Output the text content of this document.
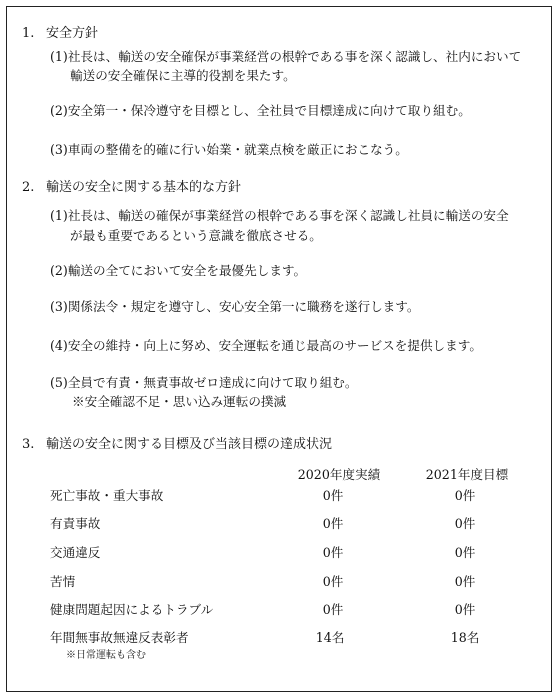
1. 安全方針
(1)社長は、輸送の安全確保が事業経営の根幹である事を深く認識し、社内において
輸送の安全確保に主導的役割を果たす。
(2)安全第一・保冷遵守を目標とし、全社員で目標達成に向けて取り組む。
(3)車両の整備を的確に行い始業・就業点検を厳正におこなう。
2. 輸送の安全に関する基本的な方針
(1)社長は、輸送の確保が事業経営の根幹である事を深く認識し社員に輸送の安全
が最も重要であるという意識を徹底させる。
(2)輸送の全てにおいて安全を最優先します。
(3)関係法令・規定を遵守し、安心安全第一に職務を遂行します。
(4)安全の維持・向上に努め、安全運転を通じ最高のサービスを提供します。
(5)全員で有責・無責事故ゼロ達成に向けて取り組む。
※安全確認不足・思い込み運転の撲滅
3. 輸送の安全に関する目標及び当該目標の達成状況
2020年度実績	2021年度目標
死亡事故・重大事故	0件	0件
有責事故	0件	0件
交通違反	0件	0件
苦情	0件	0件
健康問題起因によるトラブル	0件	0件
年間無事故無違反表彰者	14名	18名
※日常運転も含む
